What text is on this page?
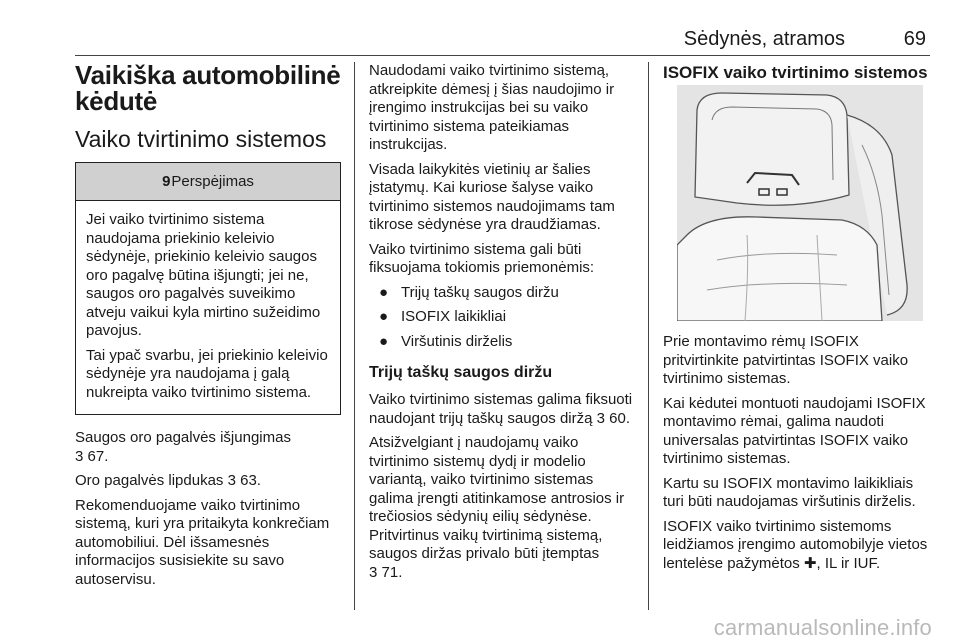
Sėdynės, atramos	69
Vaikiška automobilinė kėdutė
Vaiko tvirtinimo sistemos
9Perspėjimas

Jei vaiko tvirtinimo sistema naudojama priekinio keleivio sėdynėje, priekinio keleivio saugos oro pagalvę būtina išjungti; jei ne, saugos oro pagalvės suveikimo atveju vaikui kyla mirtino sužeidimo pavojus.

Tai ypač svarbu, jei priekinio keleivio sėdynėje yra naudojama į galą nukreipta vaiko tvirtinimo sistema.

Saugos oro pagalvės išjungimas
3 67.

Oro pagalvės lipdukas 3 63.

Rekomenduojame vaiko tvirtinimo sistemą, kuri yra pritaikyta konkrečiam automobiliui. Dėl išsamesnės informacijos susisiekite su savo autoservisu.

Naudodami vaiko tvirtinimo sistemą, atkreipkite dėmesį į šias naudojimo ir įrengimo instrukcijas bei su vaiko tvirtinimo sistema pateikiamas instrukcijas.

Visada laikykitės vietinių ar šalies įstatymų. Kai kuriose šalyse vaiko tvirtinimo sistemos naudojimams tam tikrose sėdynėse yra draudžiamas.

Vaiko tvirtinimo sistema gali būti fiksuojama tokiomis priemonėmis:

● Trijų taškų saugos diržu
● ISOFIX laikikliai
● Viršutinis dirželis
Trijų taškų saugos diržu

Vaiko tvirtinimo sistemas galima fiksuoti naudojant trijų taškų saugos diržą 3 60.

Atsižvelgiant į naudojamų vaiko tvirtinimo sistemų dydį ir modelio variantą, vaiko tvirtinimo sistemas galima įrengti atitinkamose antrosios ir trečiosios sėdynių eilių sėdynėse. Pritvirtinus vaikų tvirtinimą sistemą, saugos diržas privalo būti įtemptas
3 71.

ISOFIX vaiko tvirtinimo sistemos

Prie montavimo rėmų ISOFIX pritvirtinkite patvirtintas ISOFIX vaiko tvirtinimo sistemas.

Kai kėdutei montuoti naudojami ISOFIX montavimo rėmai, galima naudoti universalas patvirtintas ISOFIX vaiko tvirtinimo sistemas.

Kartu su ISOFIX montavimo laikikliais turi būti naudojamas viršutinis dirželis.

ISOFIX vaiko tvirtinimo sistemoms leidžiamos įrengimo automobilyje vietos lentelėse pažymėtos ✚, IL ir IUF.

carmanualsonline.info
